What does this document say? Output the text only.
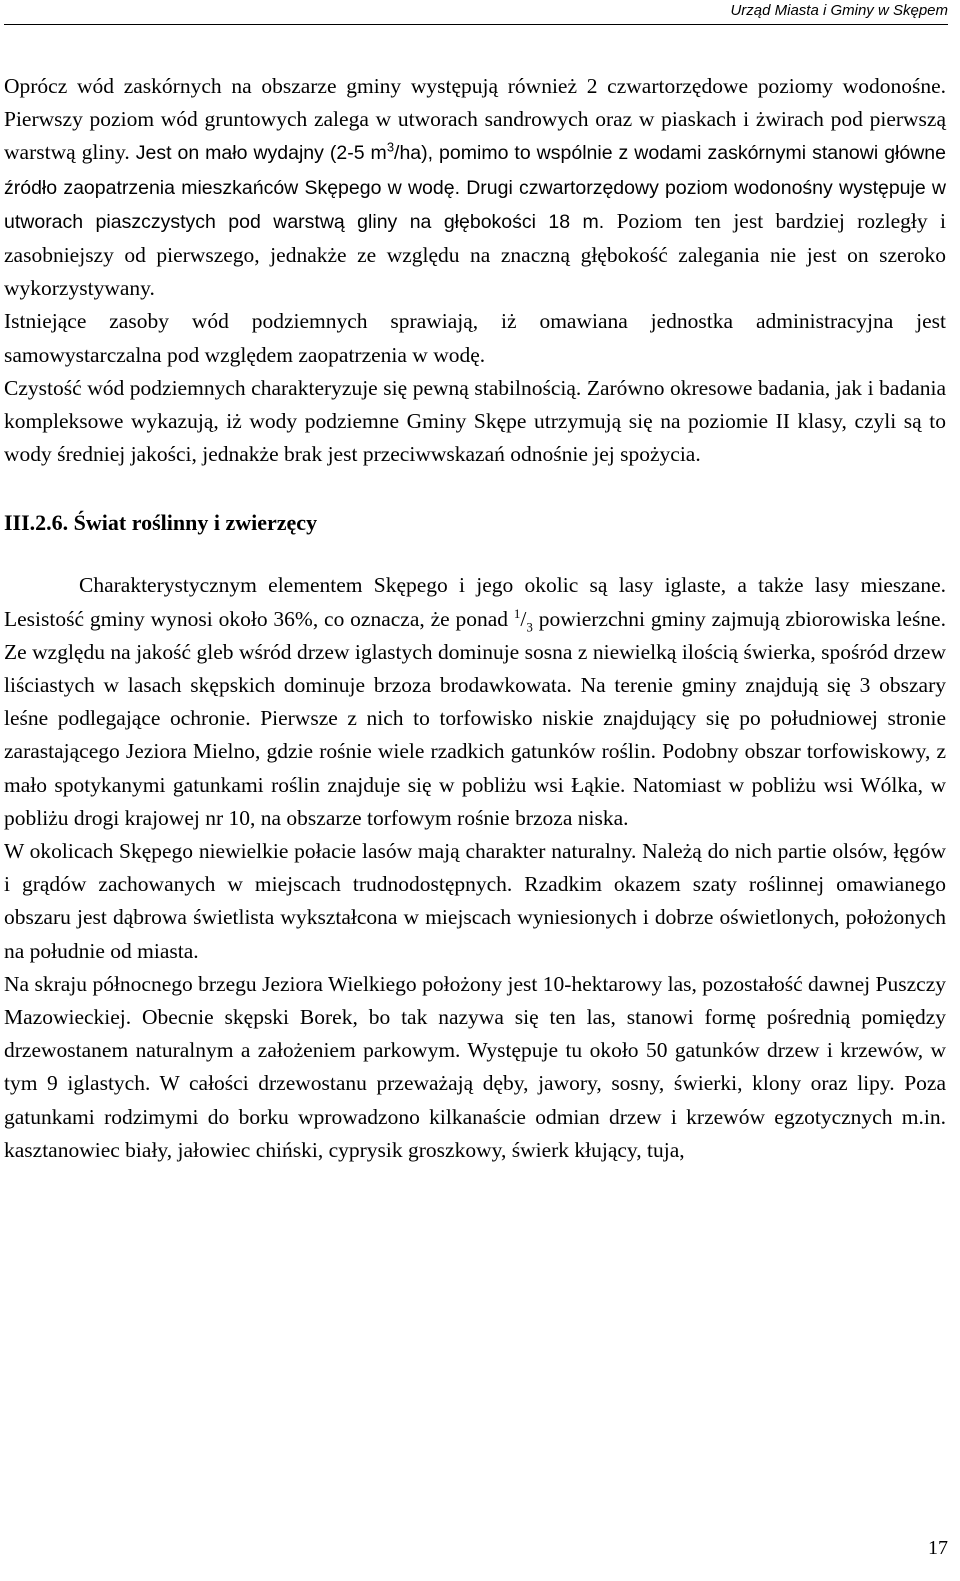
Urząd Miasta i Gminy w Skępem

Oprócz wód zaskórnych na obszarze gminy występują również 2 czwartorzędowe poziomy wodonośne. Pierwszy poziom wód gruntowych zalega w utworach sandrowych oraz w piaskach i żwirach pod pierwszą warstwą gliny. Jest on mało wydajny (2-5 $m^3/ha$), pomimo to wspólnie z wodami zaskórnymi stanowi główne źródło zaopatrzenia mieszkańców Skępego w wodę. Drugi czwartorzędowy poziom wodonośny występuje w utworach piaszczystych pod warstwą gliny na głębokości 18 m. Poziom ten jest bardziej rozległy i zasobniejszy od pierwszego, jednakże ze względu na znaczną głębokość zalegania nie jest on szeroko wykorzystywany.

Istniejące zasoby wód podziemnych sprawiają, iż omawiana jednostka administracyjna jest samowystarczalna pod względem zaopatrzenia w wodę.

Czystość wód podziemnych charakteryzuje się pewną stabilnością. Zarówno okresowe badania, jak i badania kompleksowe wykazują, iż wody podziemne Gminy Skępe utrzymują się na poziomie II klasy, czyli są to wody średniej jakości, jednakże brak jest przeciwwskazań odnośnie jej spożycia.

III.2.6. Świat roślinny i zwierzęcy

Charakterystycznym elementem Skępego i jego okolic są lasy iglaste, a także lasy mieszane. Lesistość gminy wynosi około 36%, co oznacza, że ponad $^1/_3$ powierzchni gminy zajmują zbiorowiska leśne. Ze względu na jakość gleb wśród drzew iglastych dominuje sosna z niewielką ilością świerka, spośród drzew liściastych w lasach skępskich dominuje brzoza brodawkowata. Na terenie gminy znajdują się 3 obszary leśne podlegające ochronie. Pierwsze z nich to torfowisko niskie znajdujący się po południowej stronie zarastającego Jeziora Mielno, gdzie rośnie wiele rzadkich gatunków roślin. Podobny obszar torfowiskowy, z mało spotykanymi gatunkami roślin znajduje się w pobliżu wsi Łąkie. Natomiast w pobliżu wsi Wólka, w pobliżu drogi krajowej nr 10, na obszarze torfowym rośnie brzoza niska.

W okolicach Skępego niewielkie połacie lasów mają charakter naturalny. Należą do nich partie olsów, łęgów i grądów zachowanych w miejscach trudnodostępnych. Rzadkim okazem szaty roślinnej omawianego obszaru jest dąbrowa świetlista wykształcona w miejscach wyniesionych i dobrze oświetlonych, położonych na południe od miasta.

Na skraju północnego brzegu Jeziora Wielkiego położony jest 10-hektarowy las, pozostałość dawnej Puszczy Mazowieckiej. Obecnie skępski Borek, bo tak nazywa się ten las, stanowi formę pośrednią pomiędzy drzewostanem naturalnym a założeniem parkowym. Występuje tu około 50 gatunków drzew i krzewów, w tym 9 iglastych. W całości drzewostanu przeważają dęby, jawory, sosny, świerki, klony oraz lipy. Poza gatunkami rodzimymi do borku wprowadzono kilkanaście odmian drzew i krzewów egzotycznych m.in. kasztanowiec biały, jałowiec chiński, cyprysik groszkowy, świerk kłujący, tuja,

17
